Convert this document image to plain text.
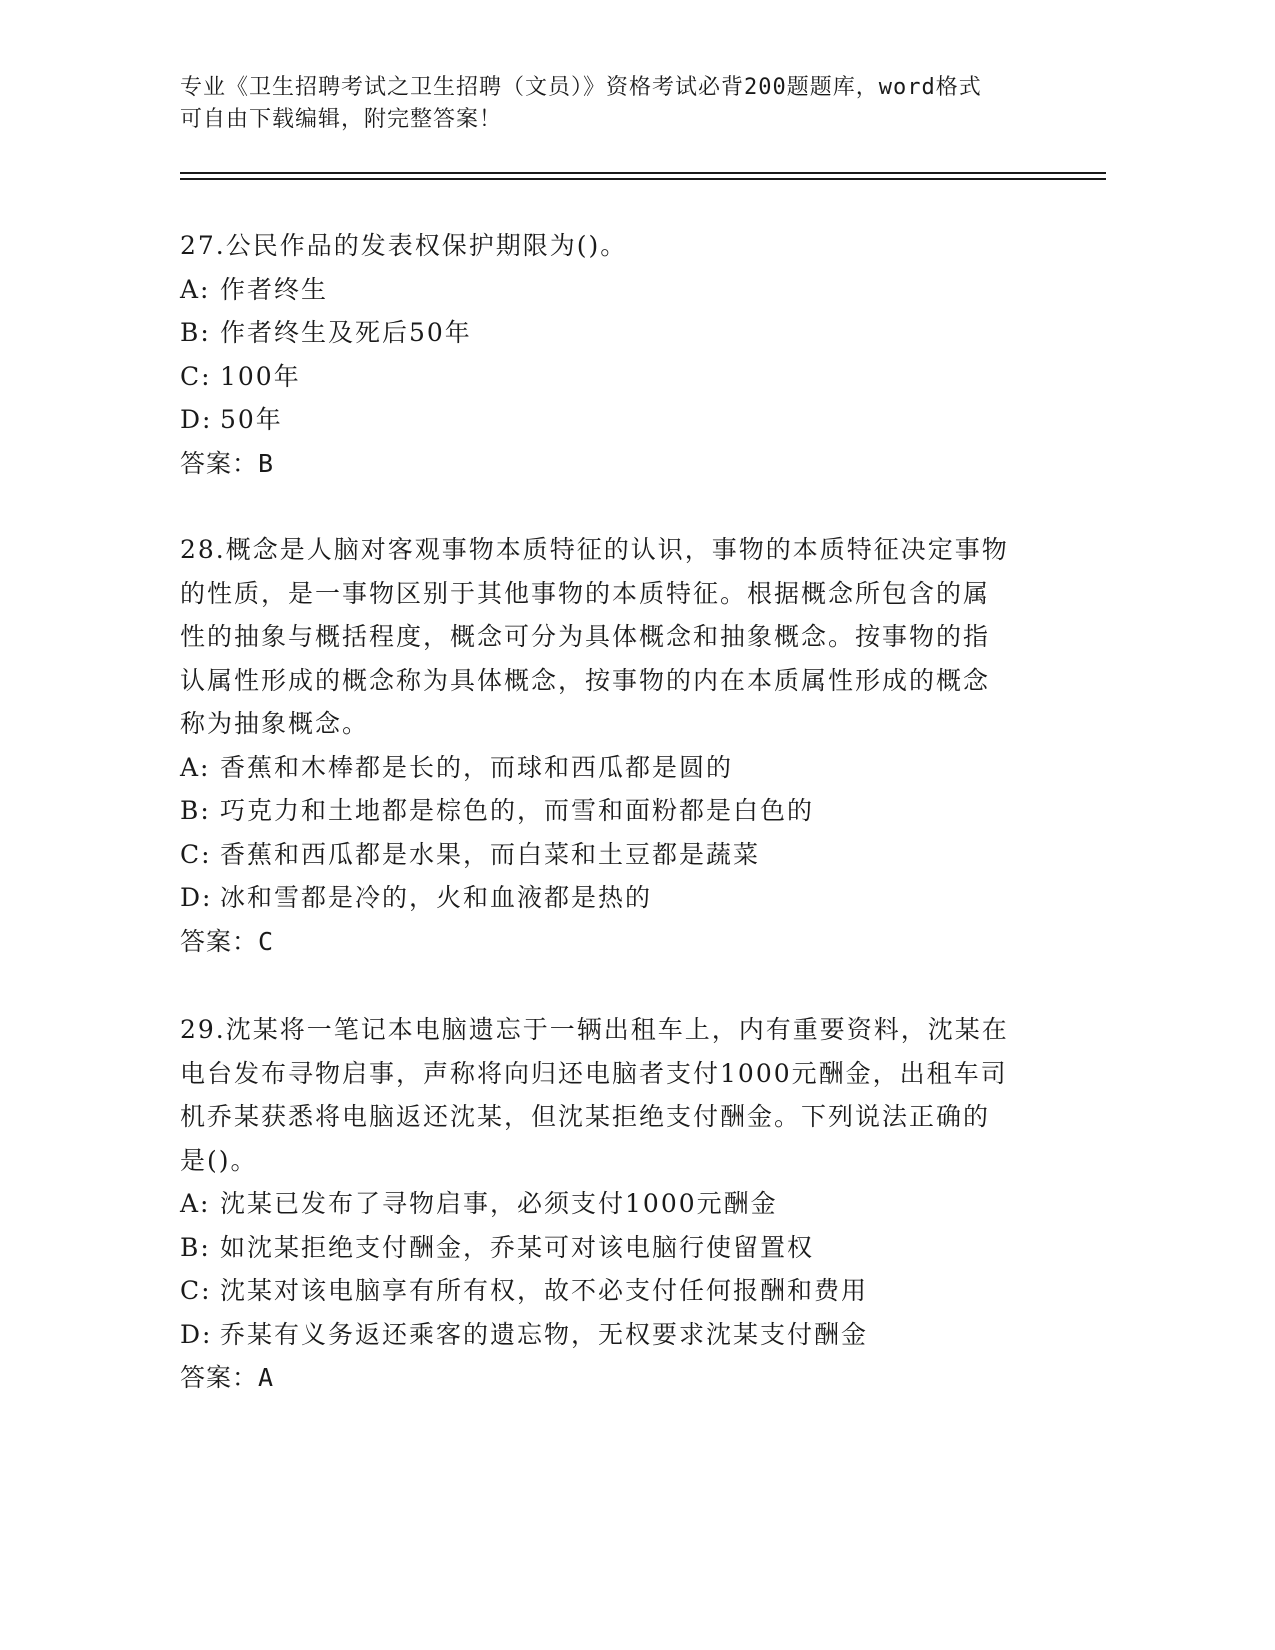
专业《卫生招聘考试之卫生招聘（文员）》资格考试必背200题题库，word格式
可自由下载编辑，附完整答案！
27.公民作品的发表权保护期限为()。
A: 作者终生
B: 作者终生及死后50年
C: 100年
D: 50年
答案：B
28.概念是人脑对客观事物本质特征的认识，事物的本质特征决定事物
的性质，是一事物区别于其他事物的本质特征。根据概念所包含的属
性的抽象与概括程度，概念可分为具体概念和抽象概念。按事物的指
认属性形成的概念称为具体概念，按事物的内在本质属性形成的概念
称为抽象概念。
A: 香蕉和木棒都是长的，而球和西瓜都是圆的
B: 巧克力和土地都是棕色的，而雪和面粉都是白色的
C: 香蕉和西瓜都是水果，而白菜和土豆都是蔬菜
D: 冰和雪都是冷的，火和血液都是热的
答案：C
29.沈某将一笔记本电脑遗忘于一辆出租车上，内有重要资料，沈某在
电台发布寻物启事，声称将向归还电脑者支付1000元酬金，出租车司
机乔某获悉将电脑返还沈某，但沈某拒绝支付酬金。下列说法正确的
是()。
A: 沈某已发布了寻物启事，必须支付1000元酬金
B: 如沈某拒绝支付酬金，乔某可对该电脑行使留置权
C: 沈某对该电脑享有所有权，故不必支付任何报酬和费用
D: 乔某有义务返还乘客的遗忘物，无权要求沈某支付酬金
答案：A
